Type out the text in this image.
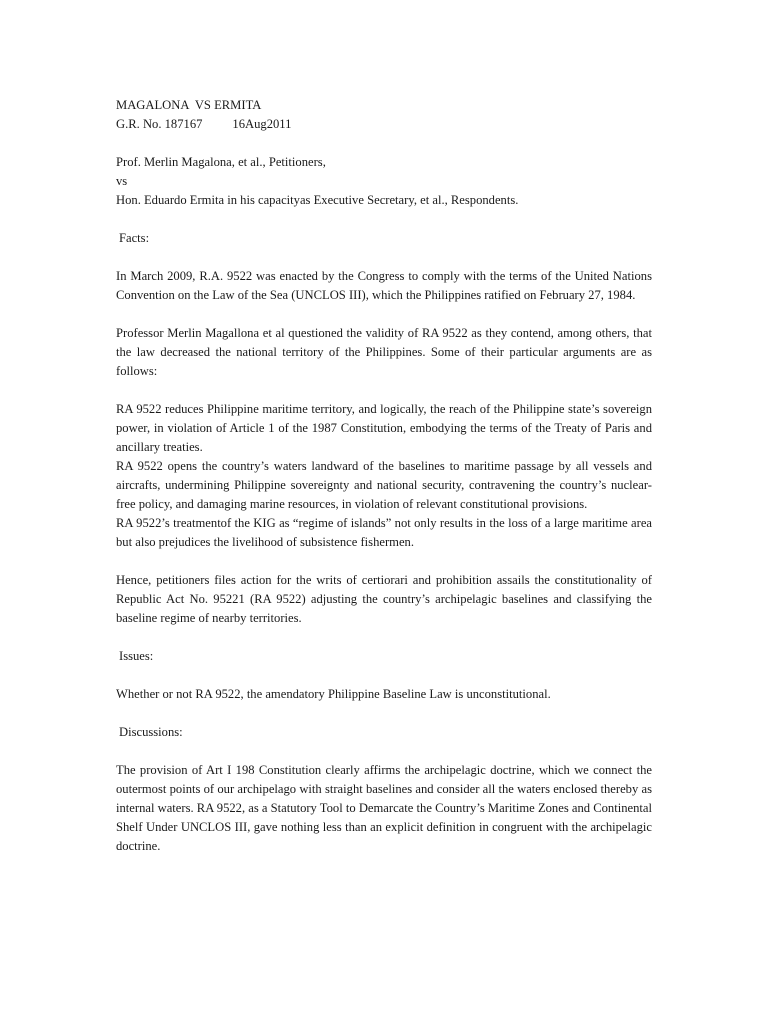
MAGALONA  VS ERMITA
G.R. No. 187167 16Aug2011
Prof. Merlin Magalona, et al., Petitioners,
vs
Hon. Eduardo Ermita in his capacityas Executive Secretary, et al., Respondents.
Facts:

In March 2009, R.A. 9522 was enacted by the Congress to comply with the terms of the United Nations Convention on the Law of the Sea (UNCLOS III), which the Philippines ratified on February 27, 1984.

Professor Merlin Magallona et al questioned the validity of RA 9522 as they contend, among others, that the law decreased the national territory of the Philippines. Some of their particular arguments are as follows:

RA 9522 reduces Philippine maritime territory, and logically, the reach of the Philippine state’s sovereign power, in violation of Article 1 of the 1987 Constitution, embodying the terms of the Treaty of Paris and ancillary treaties.

RA 9522 opens the country’s waters landward of the baselines to maritime passage by all vessels and aircrafts, undermining Philippine sovereignty and national security, contravening the country’s nuclear-free policy, and damaging marine resources, in violation of relevant constitutional provisions.

RA 9522’s treatmentof the KIG as “regime of islands” not only results in the loss of a large maritime area but also prejudices the livelihood of subsistence fishermen.

Hence, petitioners files action for the writs of certiorari and prohibition assails the constitutionality of Republic Act No. 95221 (RA 9522) adjusting the country’s archipelagic baselines and classifying the baseline regime of nearby territories.

Issues:

Whether or not RA 9522, the amendatory Philippine Baseline Law is unconstitutional.

Discussions:

The provision of Art I 198 Constitution clearly affirms the archipelagic doctrine, which we connect the outermost points of our archipelago with straight baselines and consider all the waters enclosed thereby as internal waters. RA 9522, as a Statutory Tool to Demarcate the Country’s Maritime Zones and Continental Shelf Under UNCLOS III, gave nothing less than an explicit definition in congruent with the archipelagic doctrine.
